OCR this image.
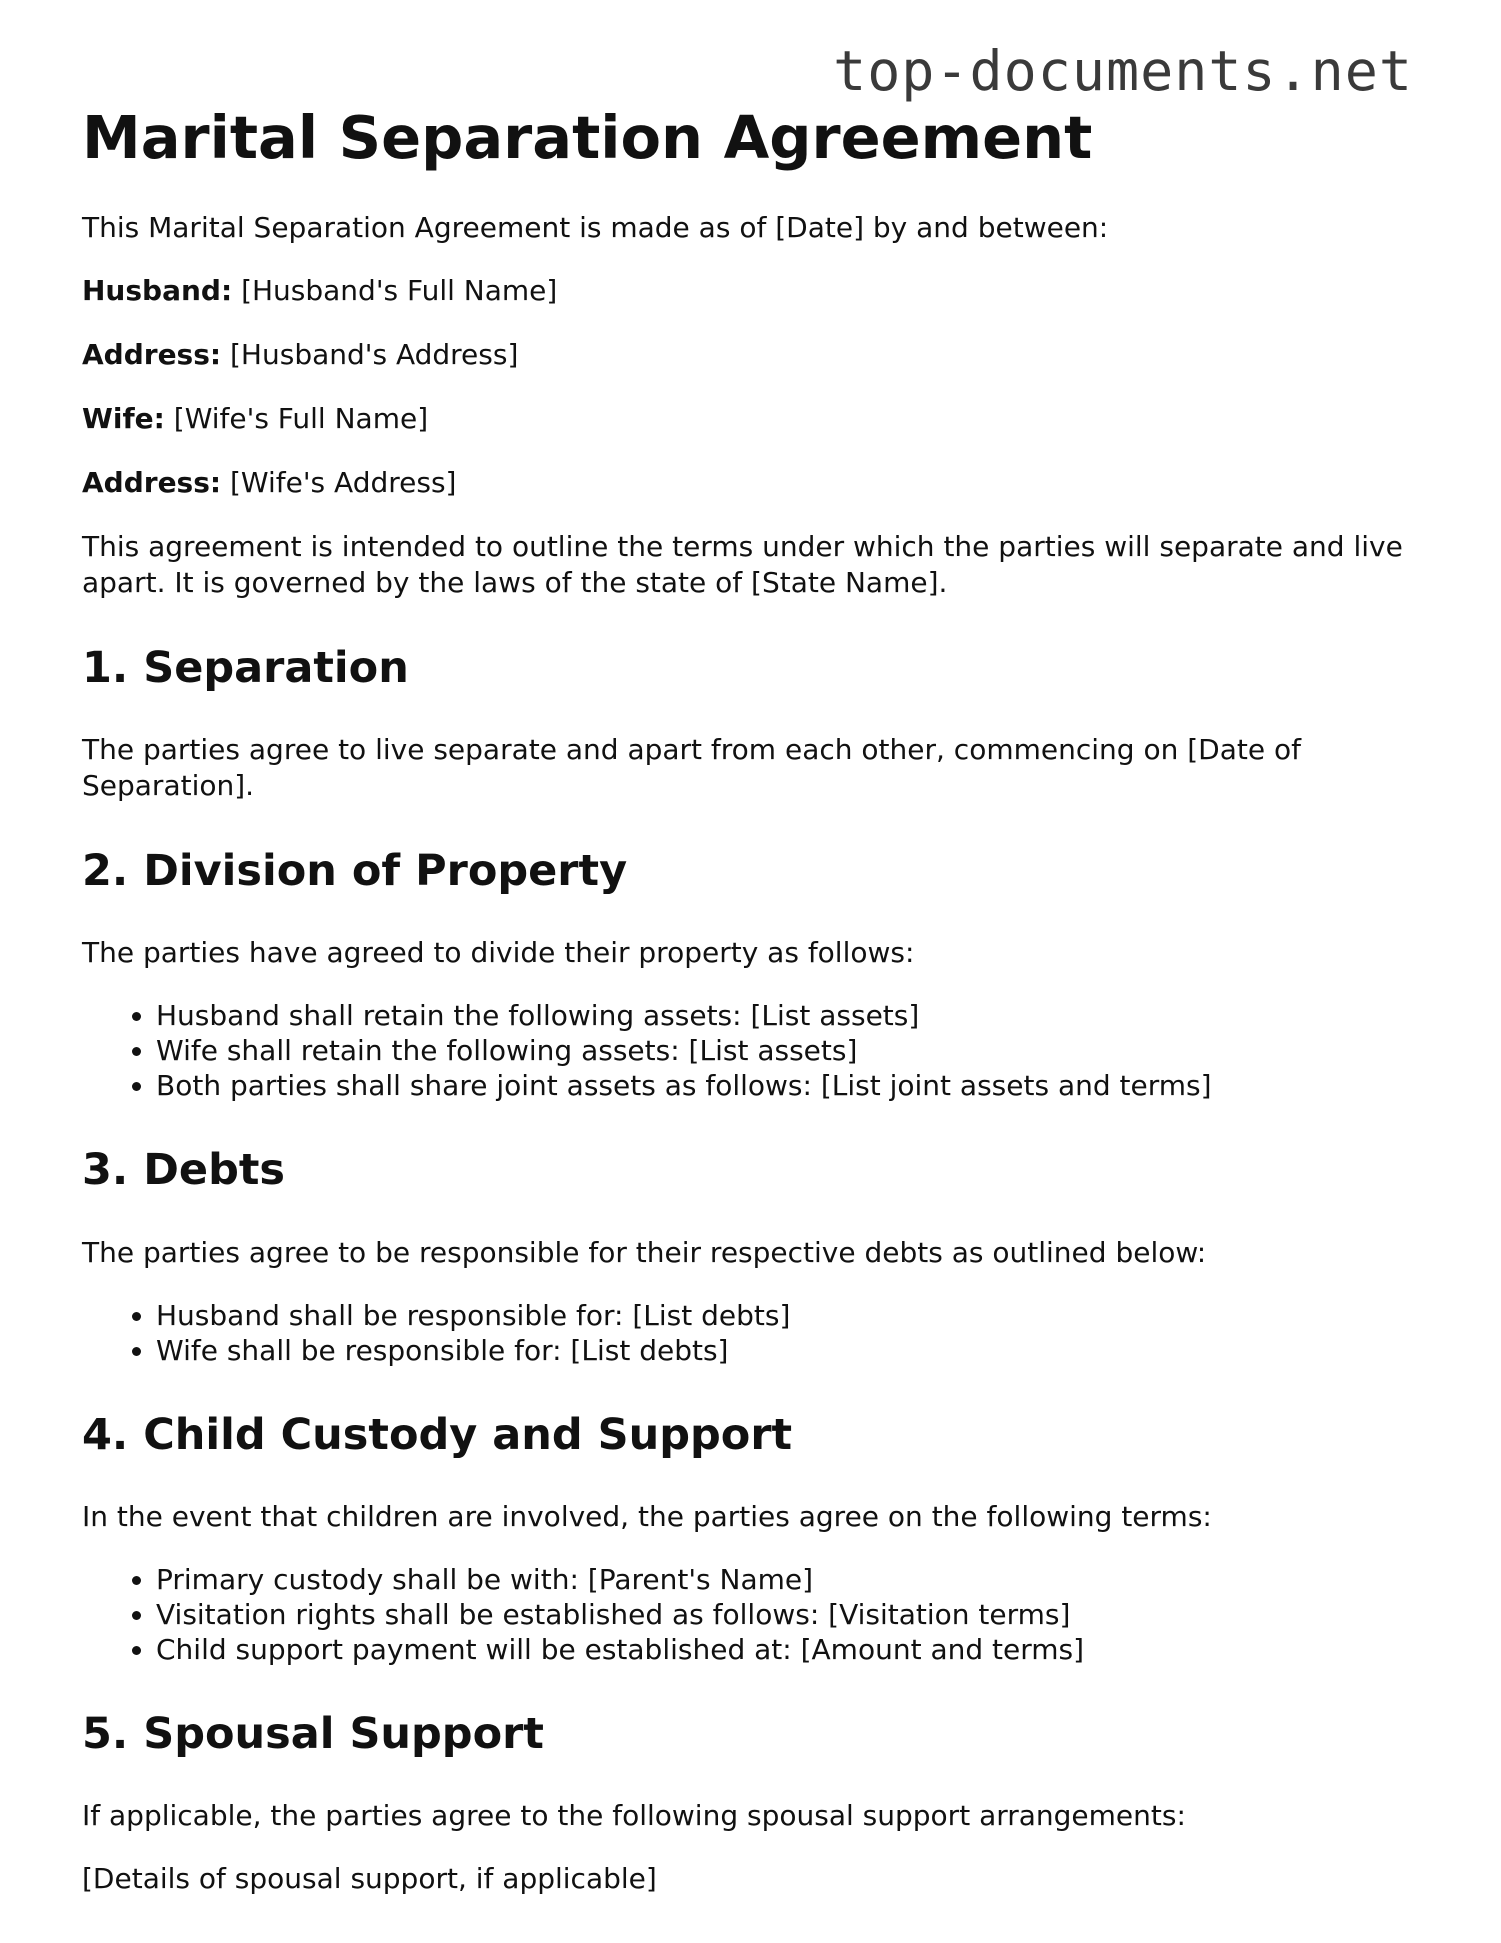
top-documents.net
Marital Separation Agreement

This Marital Separation Agreement is made as of [Date] by and between:

Husband: [Husband's Full Name]

Address: [Husband's Address]

Wife: [Wife's Full Name]

Address: [Wife's Address]

This agreement is intended to outline the terms under which the parties will separate and live apart. It is governed by the laws of the state of [State Name].

1. Separation

The parties agree to live separate and apart from each other, commencing on [Date of Separation].

2. Division of Property

The parties have agreed to divide their property as follows:

• Husband shall retain the following assets: [List assets]
• Wife shall retain the following assets: [List assets]
• Both parties shall share joint assets as follows: [List joint assets and terms]
3. Debts

The parties agree to be responsible for their respective debts as outlined below:

• Husband shall be responsible for: [List debts]
• Wife shall be responsible for: [List debts]
4. Child Custody and Support

In the event that children are involved, the parties agree on the following terms:

• Primary custody shall be with: [Parent's Name]
• Visitation rights shall be established as follows: [Visitation terms]
• Child support payment will be established at: [Amount and terms]
5. Spousal Support

If applicable, the parties agree to the following spousal support arrangements:

[Details of spousal support, if applicable]
